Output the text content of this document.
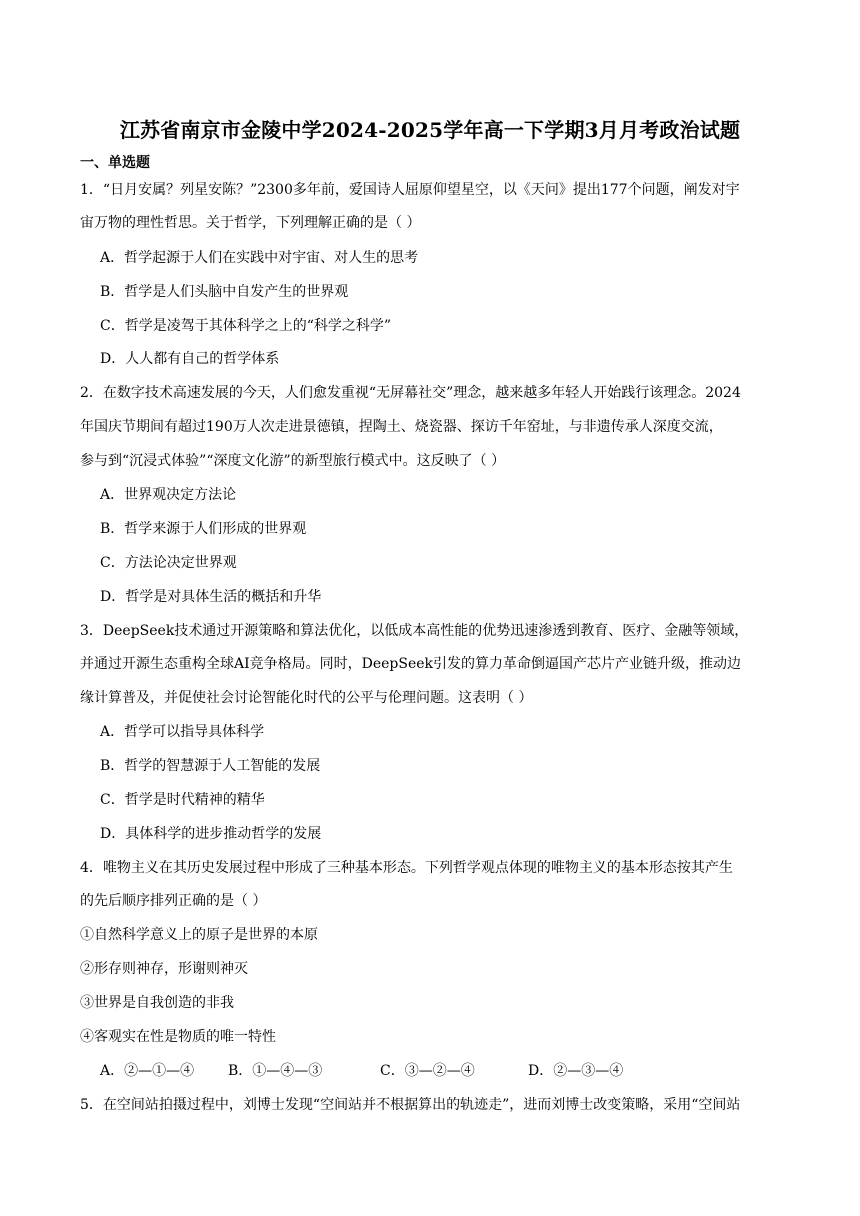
江苏省南京市金陵中学2024-2025学年高一下学期3月月考政治试题
一、单选题
1．“日月安属？列星安陈？”2300多年前，爱国诗人屈原仰望星空，以《天问》提出177个问题，阐发对宇
宙万物的理性哲思。关于哲学，下列理解正确的是（ ）
A．哲学起源于人们在实践中对宇宙、对人生的思考
B．哲学是人们头脑中自发产生的世界观
C．哲学是凌驾于其体科学之上的“科学之科学”
D．人人都有自己的哲学体系
2．在数字技术高速发展的今天，人们愈发重视“无屏幕社交”理念，越来越多年轻人开始践行该理念。2024
年国庆节期间有超过190万人次走进景德镇，捏陶土、烧瓷器、探访千年窑址，与非遗传承人深度交流，
参与到“沉浸式体验”“深度文化游”的新型旅行模式中。这反映了（ ）
A．世界观决定方法论
B．哲学来源于人们形成的世界观
C．方法论决定世界观
D．哲学是对具体生活的概括和升华
3．DeepSeek技术通过开源策略和算法优化，以低成本高性能的优势迅速渗透到教育、医疗、金融等领域，
并通过开源生态重构全球AI竞争格局。同时，DeepSeek引发的算力革命倒逼国产芯片产业链升级，推动边
缘计算普及，并促使社会讨论智能化时代的公平与伦理问题。这表明（ ）
A．哲学可以指导具体科学
B．哲学的智慧源于人工智能的发展
C．哲学是时代精神的精华
D．具体科学的进步推动哲学的发展
4．唯物主义在其历史发展过程中形成了三种基本形态。下列哲学观点体现的唯物主义的基本形态按其产生
的先后顺序排列正确的是（ ）
①自然科学意义上的原子是世界的本原
②形存则神存，形谢则神灭
③世界是自我创造的非我
④客观实在性是物质的唯一特性
A．②—①—④ B．①—④—③	C．③—②—④	D．②—③—④
5．在空间站拍摄过程中，刘博士发现“空间站并不根据算出的轨迹走”，进而刘博士改变策略，采用“空间站
